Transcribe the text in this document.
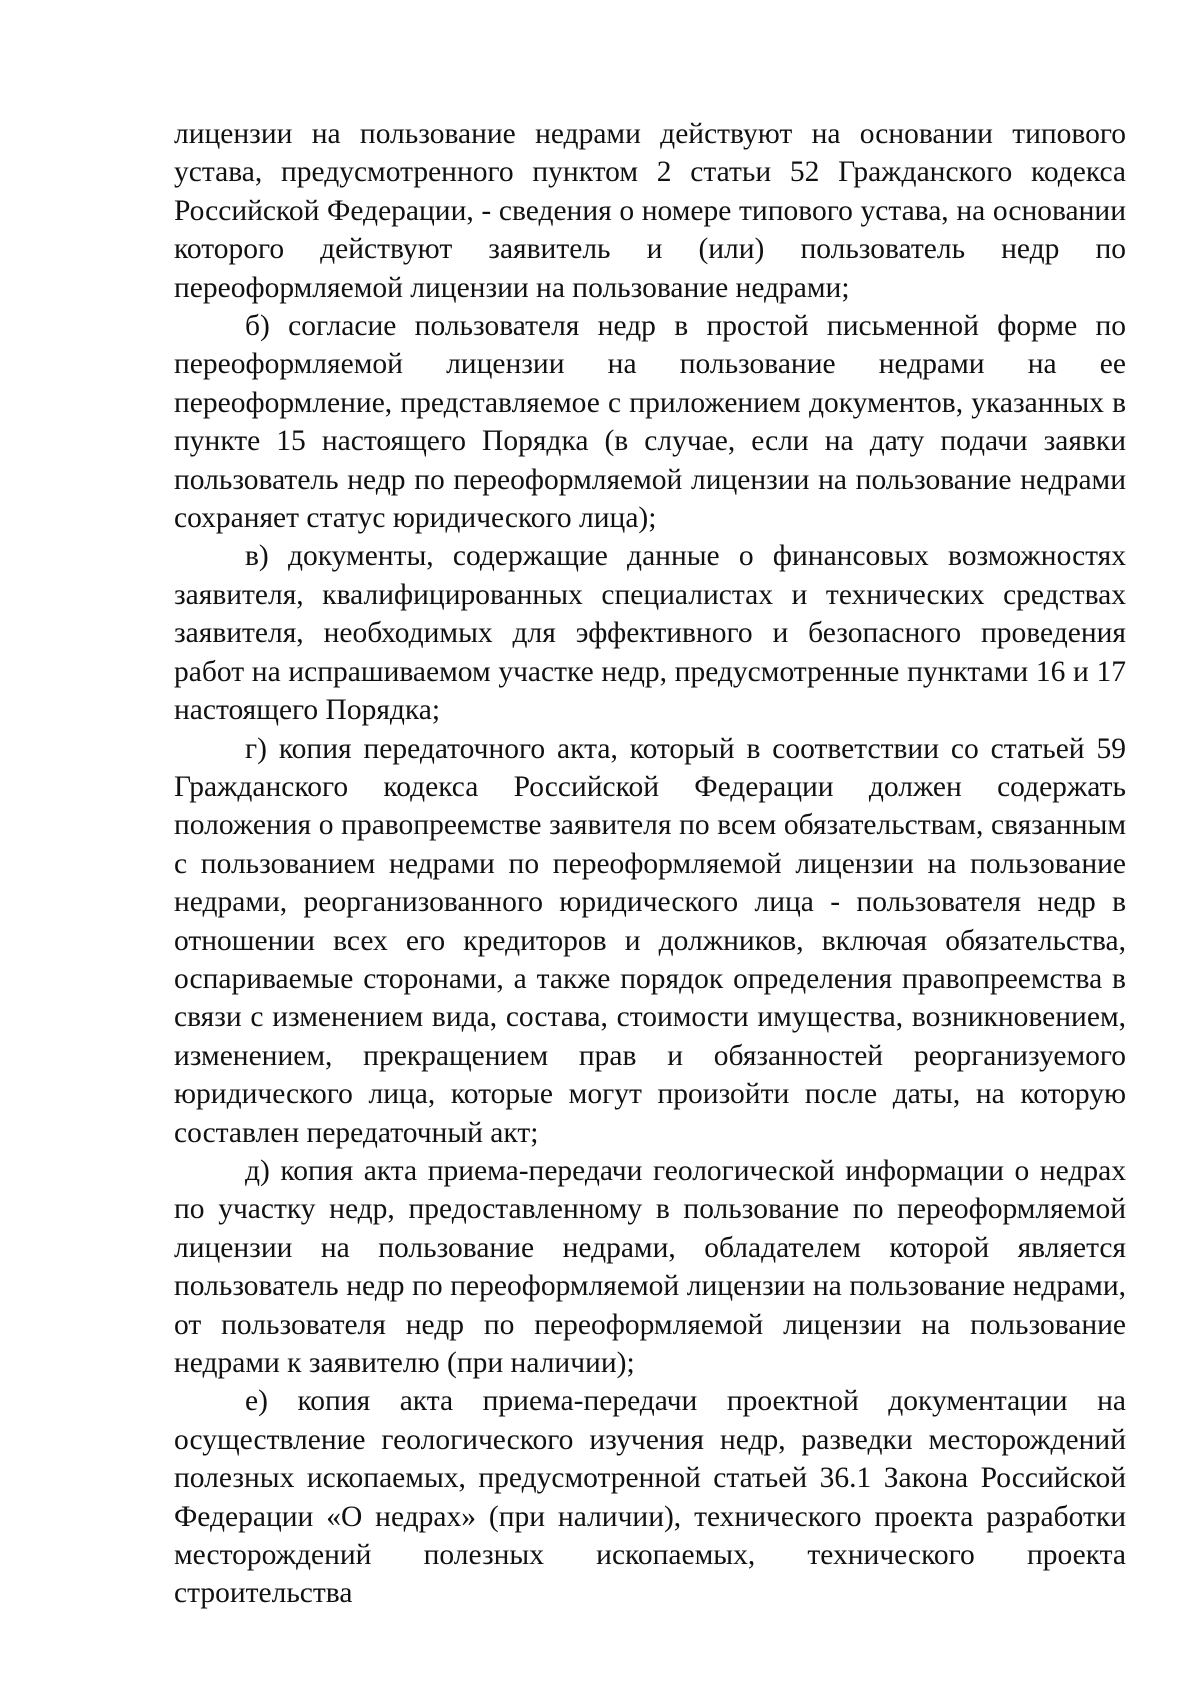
лицензии на пользование недрами действуют на основании типового устава, предусмотренного пунктом 2 статьи 52 Гражданского кодекса Российской Федерации, - сведения о номере типового устава, на основании которого действуют заявитель и (или) пользователь недр по переоформляемой лицензии на пользование недрами;

б) согласие пользователя недр в простой письменной форме по переоформляемой лицензии на пользование недрами на ее переоформление, представляемое с приложением документов, указанных в пункте 15 настоящего Порядка (в случае, если на дату подачи заявки пользователь недр по переоформляемой лицензии на пользование недрами сохраняет статус юридического лица);

в) документы, содержащие данные о финансовых возможностях заявителя, квалифицированных специалистах и технических средствах заявителя, необходимых для эффективного и безопасного проведения работ на испрашиваемом участке недр, предусмотренные пунктами 16 и 17 настоящего Порядка;

г) копия передаточного акта, который в соответствии со статьей 59 Гражданского кодекса Российской Федерации должен содержать положения о правопреемстве заявителя по всем обязательствам, связанным с пользованием недрами по переоформляемой лицензии на пользование недрами, реорганизованного юридического лица - пользователя недр в отношении всех его кредиторов и должников, включая обязательства, оспариваемые сторонами, а также порядок определения правопреемства в связи с изменением вида, состава, стоимости имущества, возникновением, изменением, прекращением прав и обязанностей реорганизуемого юридического лица, которые могут произойти после даты, на которую составлен передаточный акт;

д) копия акта приема-передачи геологической информации о недрах по участку недр, предоставленному в пользование по переоформляемой лицензии на пользование недрами, обладателем которой является пользователь недр по переоформляемой лицензии на пользование недрами, от пользователя недр по переоформляемой лицензии на пользование недрами к заявителю (при наличии);

е) копия акта приема-передачи проектной документации на осуществление геологического изучения недр, разведки месторождений полезных ископаемых, предусмотренной статьей 36.1 Закона Российской Федерации «О недрах» (при наличии), технического проекта разработки месторождений полезных ископаемых, технического проекта строительства
